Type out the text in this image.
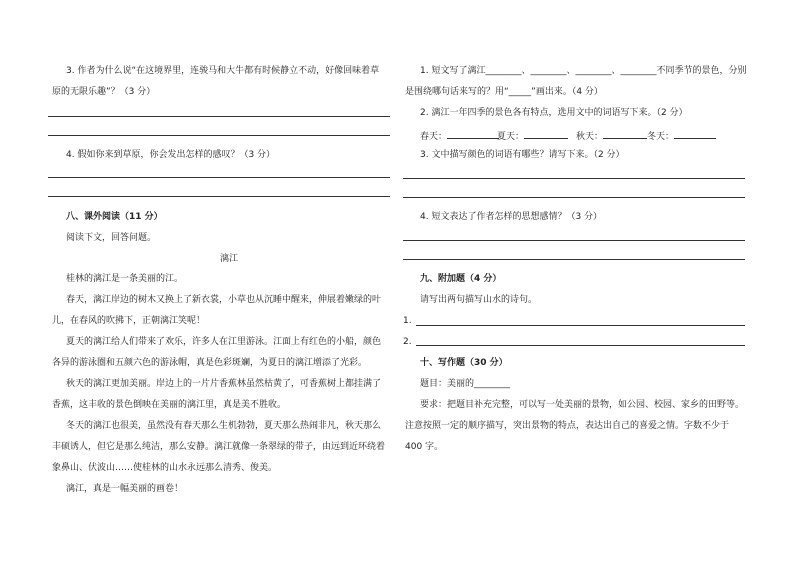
3. 作者为什么说“在这境界里，连骏马和大牛都有时候静立不动，好像回味着草
原的无限乐趣”？（3 分）
4. 假如你来到草原，你会发出怎样的感叹？（3 分）
八、课外阅读（11 分）
阅读下文，回答问题。
漓江
桂林的漓江是一条美丽的江。
春天，漓江岸边的树木又换上了新衣裳，小草也从沉睡中醒来，伸展着嫩绿的叶
儿，在春风的吹拂下，正朝漓江笑呢！
夏天的漓江给人们带来了欢乐，许多人在江里游泳。江面上有红色的小船，颜色
各异的游泳圈和五颜六色的游泳帽，真是色彩斑斓，为夏日的漓江增添了光彩。
秋天的漓江更加美丽。岸边上的一片片香蕉林虽然枯黄了，可香蕉树上都挂满了
香蕉，这丰收的景色倒映在美丽的漓江里，真是美不胜收。
冬天的漓江也很美，虽然没有春天那么生机勃勃，夏天那么热闹非凡，秋天那么
丰硕诱人，但它是那么纯洁，那么安静。漓江就像一条翠绿的带子，由远到近环绕着
象鼻山、伏波山……使桂林的山水永远那么清秀、俊美。
漓江，真是一幅美丽的画卷！
1. 短文写了漓江________、________、________、________不同季节的景色，分别
是围绕哪句话来写的？用“_____”画出来。（4 分）
2. 漓江一年四季的景色各有特点，选用文中的词语写下来。（2 分）
春天：	夏天：	秋天：	冬天：
3. 文中描写颜色的词语有哪些？请写下来。（2 分）
4. 短文表达了作者怎样的思想感情？（3 分）
九、附加题（4 分）
请写出两句描写山水的诗句。
1.
2.
十、写作题（30 分）
题目：美丽的________
要求：把题目补充完整，可以写一处美丽的景物，如公园、校园、家乡的田野等。
注意按照一定的顺序描写，突出景物的特点，表达出自己的喜爱之情。字数不少于
400 字。
